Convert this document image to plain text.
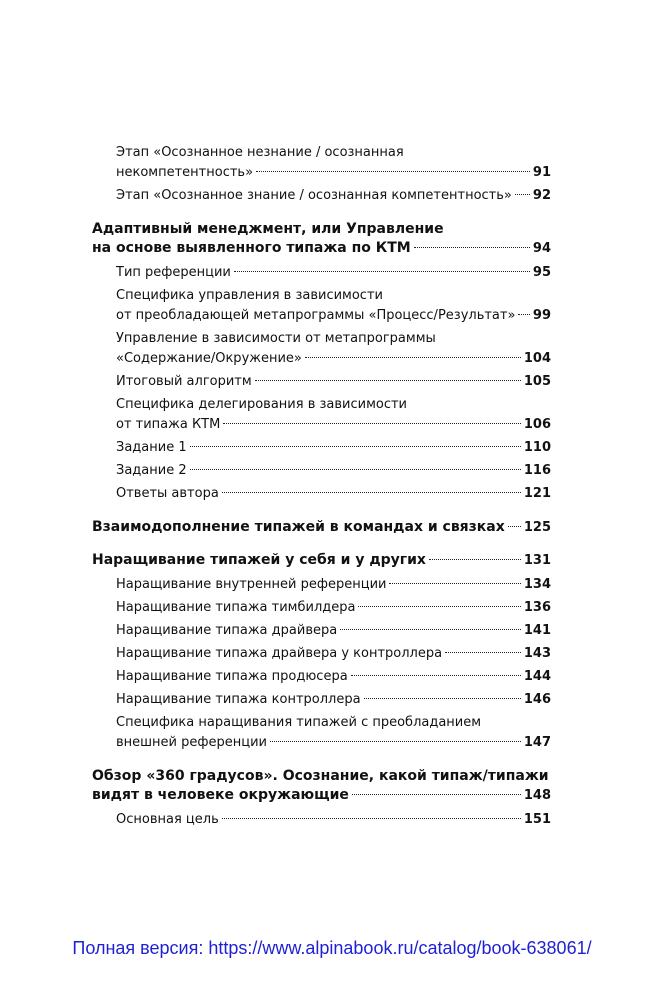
Этап «Осознанное незнание / осознанная
некомпетентность»	91
Этап «Осознанное знание / осознанная компетентность» 92
Адаптивный менеджмент, или Управление
на основе выявленного типажа по КТМ	94
Тип референции	95
Специфика управления в зависимости
от преобладающей метапрограммы «Процесс/Результат» 99
Управление в зависимости от метапрограммы
«Содержание/Окружение»	104
Итоговый алгоритм	105
Специфика делегирования в зависимости
от типажа КТМ	106
Задание 1	110
Задание 2	116
Ответы автора	121
Взаимодополнение типажей в командах и связках 125
Наращивание типажей у себя и у других	131
Наращивание внутренней референции	134
Наращивание типажа тимбилдера	136
Наращивание типажа драйвера	141
Наращивание типажа драйвера у контроллера	143
Наращивание типажа продюсера	144
Наращивание типажа контроллера	146
Специфика наращивания типажей с преобладанием
внешней референции	147
Обзор «360 градусов». Осознание, какой типаж/типажи
видят в человеке окружающие	148
Основная цель	151
Полная версия: https://www.alpinabook.ru/catalog/book-638061/
